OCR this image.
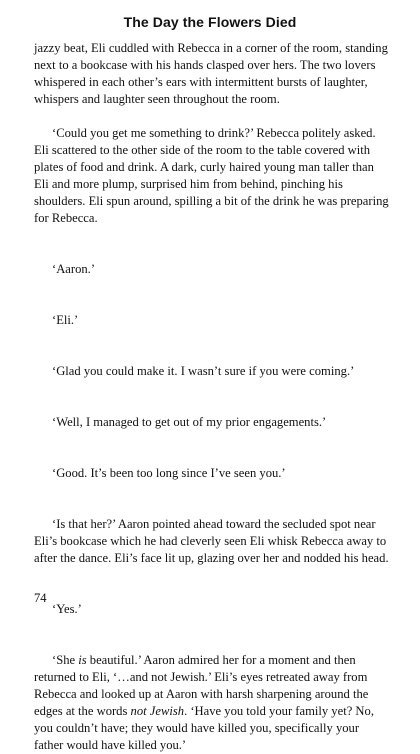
The Day the Flowers Died

jazzy beat, Eli cuddled with Rebecca in a corner of the room, standing next to a bookcase with his hands clasped over hers. The two lovers whispered in each other’s ears with intermittent bursts of laughter, whispers and laughter seen throughout the room.

‘Could you get me something to drink?’ Rebecca politely asked. Eli scattered to the other side of the room to the table covered with plates of food and drink. A dark, curly haired young man taller than Eli and more plump, surprised him from behind, pinching his shoulders. Eli spun around, spilling a bit of the drink he was preparing for Rebecca.

‘Aaron.’

‘Eli.’

‘Glad you could make it. I wasn’t sure if you were coming.’

‘Well, I managed to get out of my prior engagements.’

‘Good. It’s been too long since I’ve seen you.’

‘Is that her?’ Aaron pointed ahead toward the secluded spot near Eli’s bookcase which he had cleverly seen Eli whisk Rebecca away to after the dance. Eli’s face lit up, glazing over her and nodded his head.

‘Yes.’

‘She is beautiful.’ Aaron admired her for a moment and then returned to Eli, ‘…and not Jewish.’ Eli’s eyes retreated away from Rebecca and looked up at Aaron with harsh sharpening around the edges at the words not Jewish. ‘Have you told your family yet? No, you couldn’t have; they would have killed you, specifically your father would have killed you.’

74
